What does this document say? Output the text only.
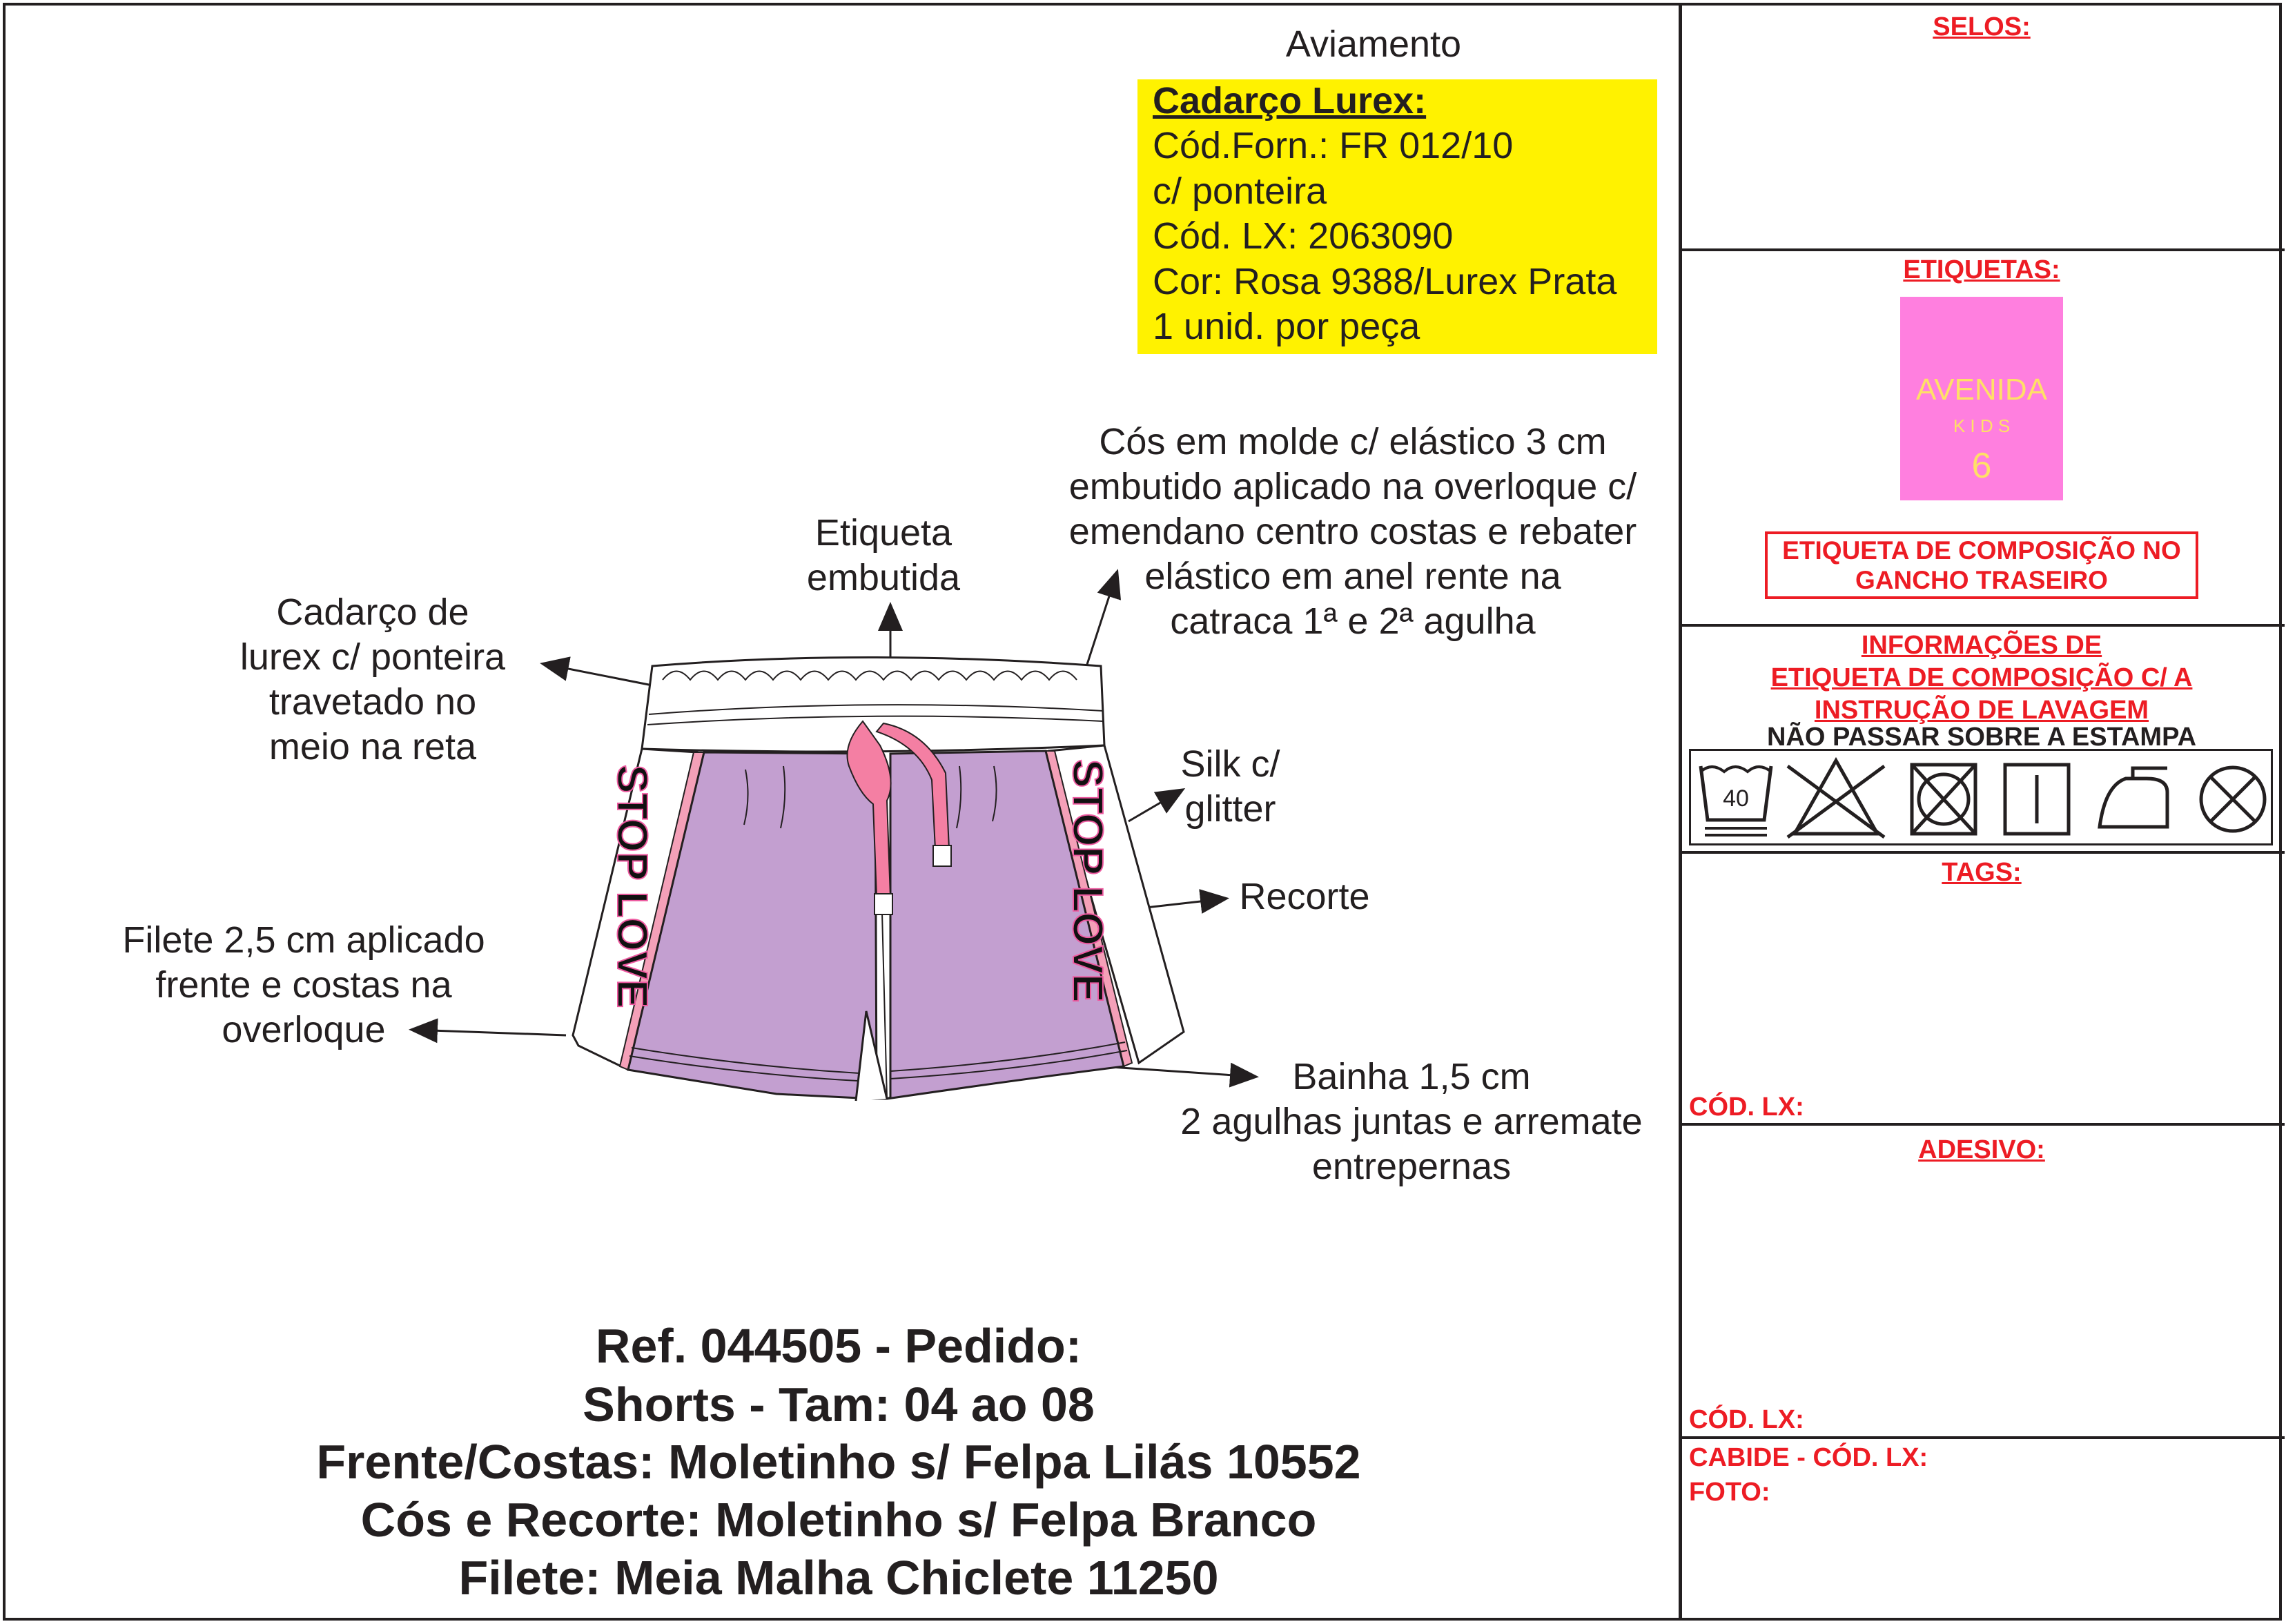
Aviamento
Cadarço Lurex:
Cód.Forn.: FR 012/10
c/ ponteira
Cód. LX: 2063090
Cor: Rosa 9388/Lurex Prata
1 unid. por peça
Cadarço de
lurex c/ ponteira
travetado no
meio na reta
Etiqueta
embutida
Cós em molde c/ elástico 3 cm
embutido aplicado na overloque c/
emendano centro costas e rebater
elástico em anel rente na
catraca 1ª e 2ª agulha
Silk c/
glitter
Recorte
Filete 2,5 cm aplicado
frente e costas na
overloque
Bainha 1,5 cm
2 agulhas juntas e arremate
entrepernas
STOP LOVE	STOP LOVE
Ref. 044505 - Pedido:
Shorts - Tam: 04 ao 08
Frente/Costas: Moletinho s/ Felpa Lilás 10552
Cós e Recorte: Moletinho s/ Felpa Branco
Filete: Meia Malha Chiclete 11250
SELOS:
ETIQUETAS:
AVENIDA
K I D S
6
ETIQUETA DE COMPOSIÇÃO NO
GANCHO TRASEIRO
INFORMAÇÕES DE
ETIQUETA DE COMPOSIÇÃO C/ A
INSTRUÇÃO DE LAVAGEM
NÃO PASSAR SOBRE A ESTAMPA
40
TAGS:
CÓD. LX:
ADESIVO:
CÓD. LX:
CABIDE - CÓD. LX:
FOTO:
